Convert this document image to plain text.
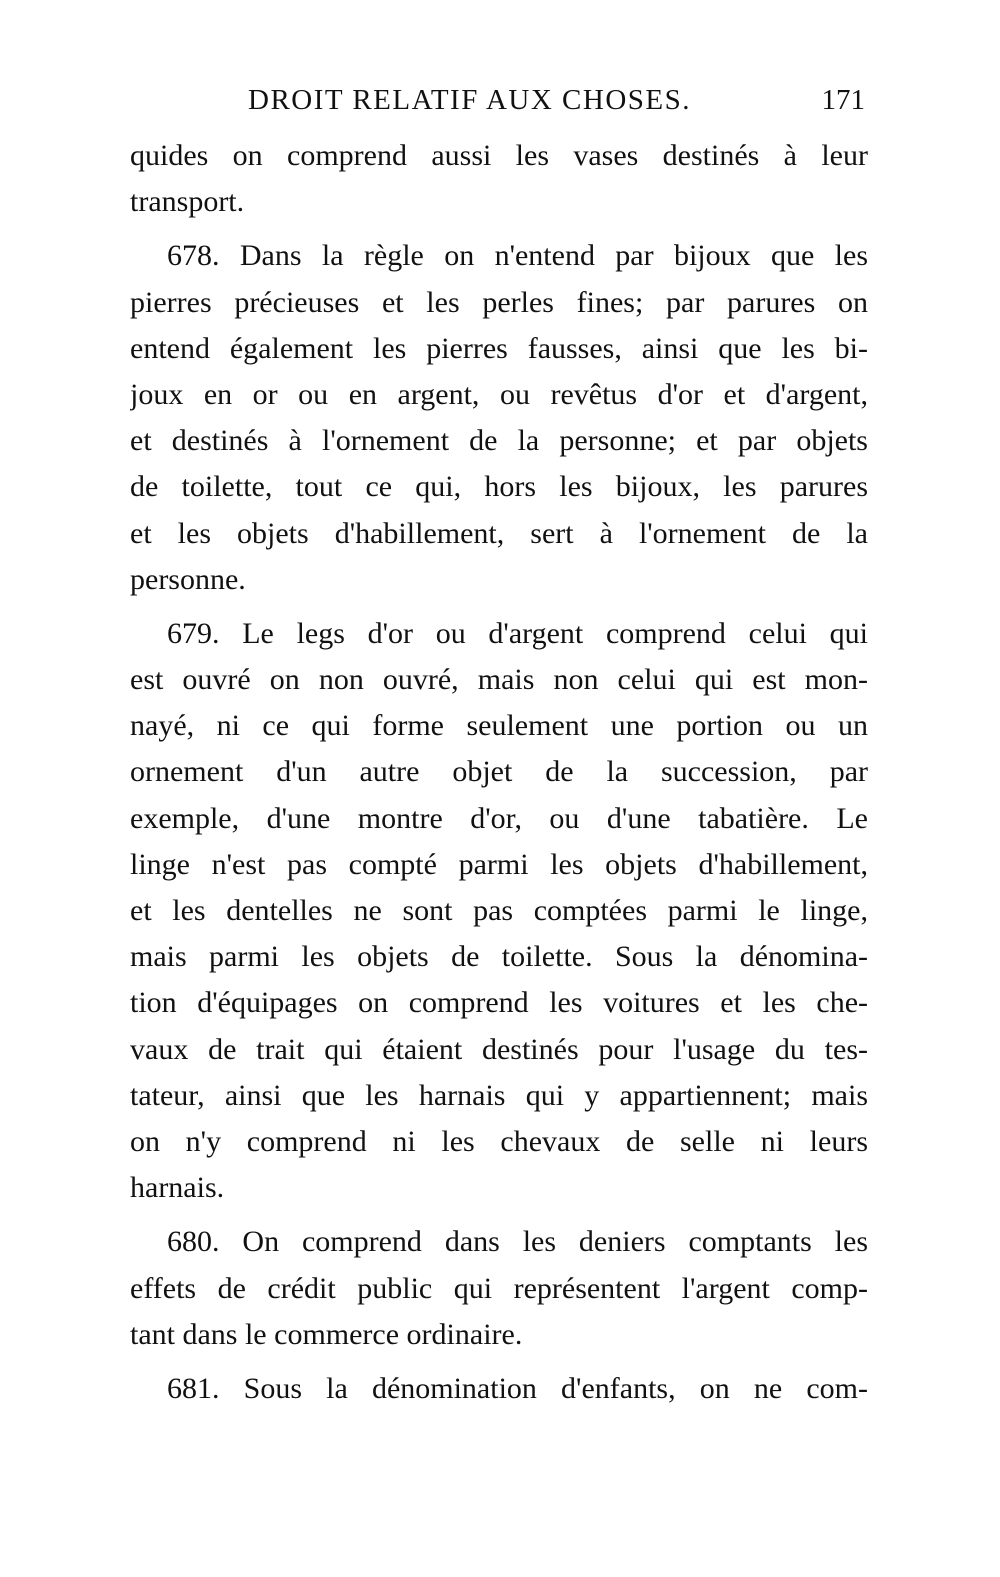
DROIT RELATIF AUX CHOSES.	171
quides on comprend aussi les vases destinés à leur
transport.
678. Dans la règle on n'entend par bijoux que les
pierres précieuses et les perles fines; par parures on
entend également les pierres fausses, ainsi que les bi-
joux en or ou en argent, ou revêtus d'or et d'argent,
et destinés à l'ornement de la personne; et par objets
de toilette, tout ce qui, hors les bijoux, les parures
et les objets d'habillement, sert à l'ornement de la
personne.
679. Le legs d'or ou d'argent comprend celui qui
est ouvré on non ouvré, mais non celui qui est mon-
nayé, ni ce qui forme seulement une portion ou un
ornement d'un autre objet de la succession, par
exemple, d'une montre d'or, ou d'une tabatière. Le
linge n'est pas compté parmi les objets d'habillement,
et les dentelles ne sont pas comptées parmi le linge,
mais parmi les objets de toilette. Sous la dénomina-
tion d'équipages on comprend les voitures et les che-
vaux de trait qui étaient destinés pour l'usage du tes-
tateur, ainsi que les harnais qui y appartiennent; mais
on n'y comprend ni les chevaux de selle ni leurs
harnais.
680. On comprend dans les deniers comptants les
effets de crédit public qui représentent l'argent comp-
tant dans le commerce ordinaire.
681. Sous la dénomination d'enfants, on ne com-
